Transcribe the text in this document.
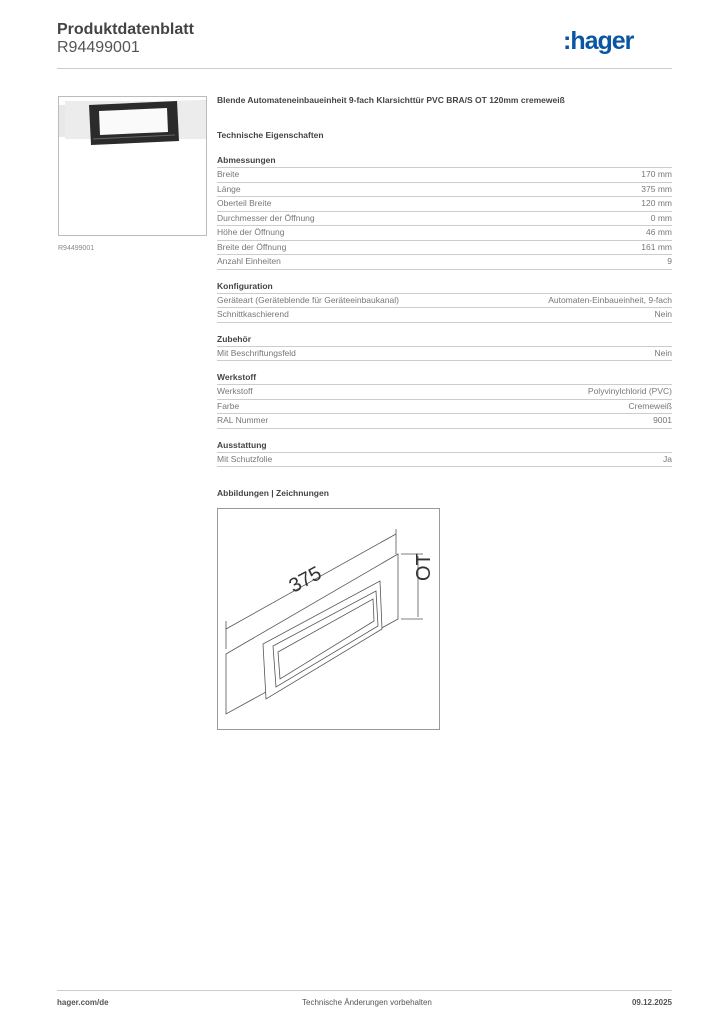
Produktdatenblatt
R94499001	:hager
R94499001
Blende Automateneinbaueinheit 9-fach Klarsichttür PVC BRA/S OT 120mm cremeweiß
Technische Eigenschaften
Abmessungen
Breite	170 mm
Länge	375 mm
Oberteil Breite	120 mm
Durchmesser der Öffnung	0 mm
Höhe der Öffnung	46 mm
Breite der Öffnung	161 mm
Anzahl Einheiten	9
Konfiguration
Geräteart (Geräteblende für Geräteeinbaukanal)	Automaten-Einbaueinheit, 9-fach
Schnittkaschierend	Nein
Zubehör
Mit Beschriftungsfeld	Nein
Werkstoff
Werkstoff	Polyvinylchlorid (PVC)
Farbe	Cremeweiß
RAL Nummer	9001
Ausstattung
Mit Schutzfolie	Ja
Abbildungen | Zeichnungen
375	OT
hager.com/de	Technische Änderungen vorbehalten	09.12.2025
